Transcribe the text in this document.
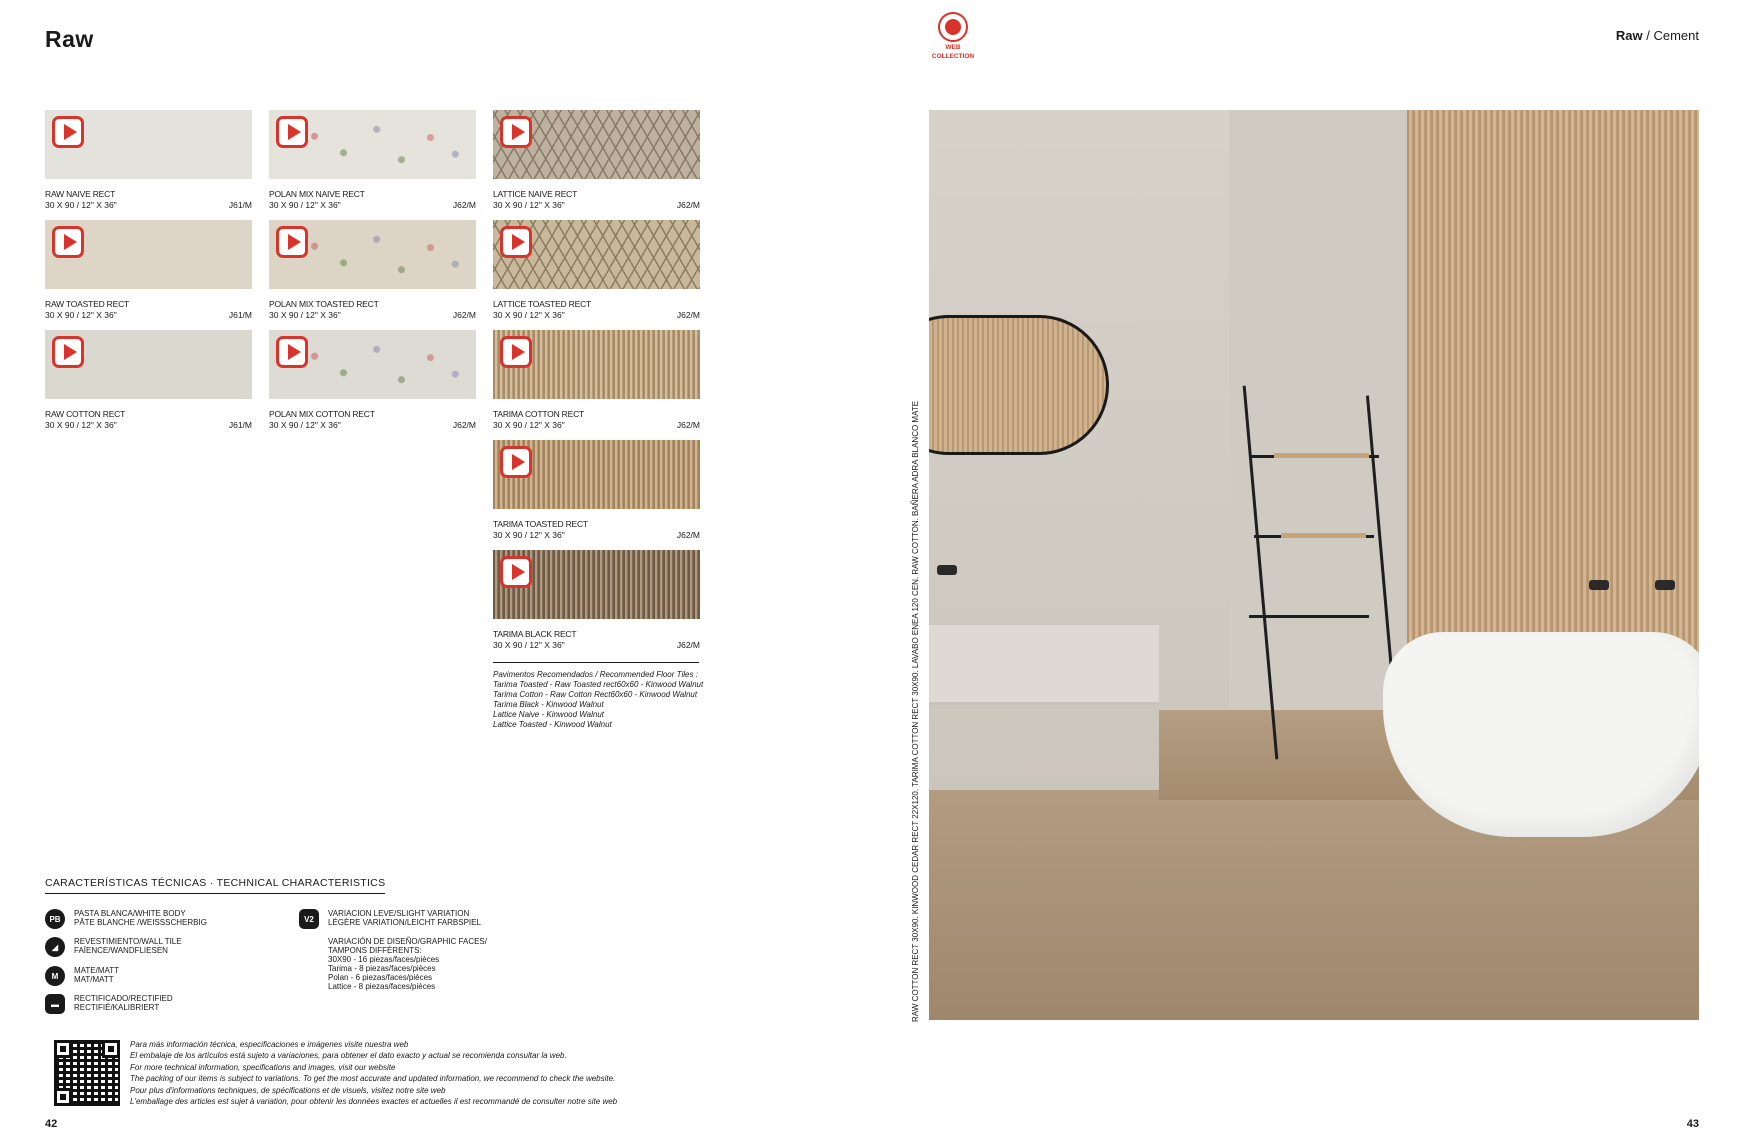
Raw	WEB
COLLECTION
Raw / Cement
RAW NAIVE RECT
30 X 90 / 12" X 36"	J61/M
POLAN MIX NAIVE RECT
30 X 90 / 12" X 36"	J62/M
LATTICE NAIVE RECT
30 X 90 / 12" X 36"	J62/M
RAW TOASTED RECT
30 X 90 / 12" X 36"	J61/M
POLAN MIX TOASTED RECT
30 X 90 / 12" X 36"	J62/M
LATTICE TOASTED RECT
30 X 90 / 12" X 36"	J62/M
RAW COTTON RECT
30 X 90 / 12" X 36"	J61/M
POLAN MIX COTTON RECT
30 X 90 / 12" X 36"	J62/M
TARIMA COTTON RECT
30 X 90 / 12" X 36"	J62/M
TARIMA TOASTED RECT
30 X 90 / 12" X 36"	J62/M
TARIMA BLACK RECT
30 X 90 / 12" X 36"	J62/M
Pavimentos Recomendados / Recommended Floor Tiles :
Tarima Toasted - Raw Toasted rect60x60 - Kinwood Walnut
Tarima Cotton - Raw Cotton Rect60x60 - Kinwood Walnut
Tarima Black - Kinwood Walnut
Lattice Naive - Kinwood Walnut
Lattice Toasted - Kinwood Walnut
CARACTERÍSTICAS TÉCNICAS · TECHNICAL CHARACTERISTICS
PB
PASTA BLANCA/WHITE BODY
PÂTE BLANCHE /WEISSSCHERBIG
◢
REVESTIMIENTO/WALL TILE
FAÏENCE/WANDFLIESEN
M
MATE/MATT
MAT/MATT
▬
RECTIFICADO/RECTIFIED
RECTIFIÉ/KALIBRIERT
V2
VARIACION LEVE/SLIGHT VARIATION
LÉGÈRE VARIATION/LEICHT FARBSPIEL
VARIACIÓN DE DISEÑO/GRAPHIC FACES/
TAMPONS DIFFÉRENTS:
30X90 - 16 piezas/faces/pièces
Tarima - 8 piezas/faces/pièces
Polan - 6 piezas/faces/pièces
Lattice - 8 piezas/faces/pièces

Para más información técnica, especificaciones e imágenes visite nuestra web

El embalaje de los artículos está sujeto a variaciones, para obtener el dato exacto y actual se recomienda consultar la web.

For more technical information, specifications and images, visit our website

The packing of our items is subject to variations. To get the most accurate and updated information, we recommend to check the website.

Pour plus d'informations techniques, de spécifications et de visuels, visitez notre site web

L'emballage des articles est sujet à variation, pour obtenir les données exactes et actuelles il est recommandé de consulter notre site web

42	43
RAW COTTON RECT 30X90. KINWOOD CEDAR RECT 22X120. TARIMA COTTON RECT 30X90. LAVABO ENEA 120 CEN. RAW COTTON. BAÑERA ADRA BLANCO MATE
